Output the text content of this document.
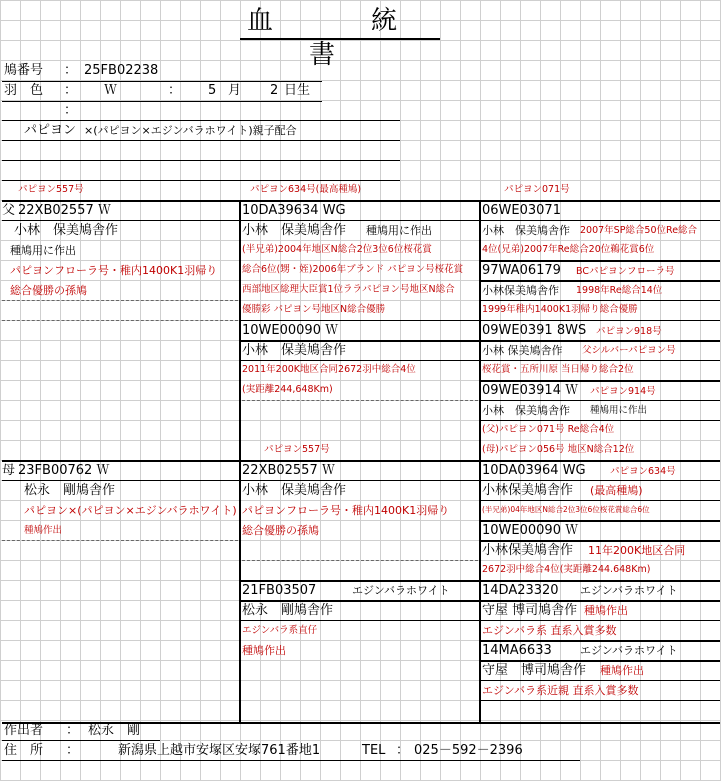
血　統　書
鳩番号 ： 25FB02238
羽　色 ： Ｗ	： 5 月 2 日生
：
パピヨン ×(パピヨン×エジンバラホワイト)親子配合
パピヨン557号
父 22XB02557 Ｗ
小林　保美鳩舎作
種鳩用に作出
パピヨンフローラ号・稚内1400K1羽帰り
総合優勝の孫鳩
母 23FB00762 Ｗ
松永　剛鳩舎作
パピヨン×(パピヨン×エジンバラホワイト)
種鳩作出
パピヨン634号(最高種鳩)
10DA39634 WG
小林　保美鳩舎作 種鳩用に作出
(半兄弟)2004年地区N総合2位3位6位桜花賞
総合6位(甥・姪)2006年ブランド パピヨン号桜花賞
西部地区総理大臣賞1位ララパピヨン号地区N総合
優勝彩 パピヨン号地区N総合優勝
10WE00090 Ｗ
小林　保美鳩舎作
2011年200K地区合同2672羽中総合4位
(実距離244,648Km)
パピヨン557号
22XB02557 Ｗ
小林　保美鳩舎作
パピヨンフローラ号・稚内1400K1羽帰り
総合優勝の孫鳩
21FB03507	エジンバラホワイト
松永　剛鳩舎作
エジンバラ系直仔
種鳩作出
パピヨン071号
06WE03071
小林　保美鳩舎作 2007年SP総合50位Re総合
4位(兄弟)2007年Re総合20位鵜花賞6位
97WA06179 BCパピヨンフローラ号
小林保美鳩舎作 1998年Re総合14位
1999年稚内1400K1羽帰り総合優勝
09WE0391 8WS パピヨン918号
小林 保美鳩舎作 父シルバーパピヨン号
桜花賞・五所川原 当日帰り総合2位
09WE03914 Ｗ パピヨン914号
小林　保美鳩舎作 種鳩用に作出
(父)パピヨン071号 Re総合4位
(母)パピヨン056号 地区N総合12位
10DA03964 WG	パピヨン634号
小林保美鳩舎作 (最高種鳩)
(半兄弟)04年地区N総合2位3位6位桜花賞総合6位
10WE00090 Ｗ
小林保美鳩舎作 11年200K地区合同
2672羽中総合4位(実距離244.648Km)
14DA23320 エジンバラホワイト
守屋 博司鳩舎作 種鳩作出
エジンバラ系 直系入賞多数
14MA6633	エジンバラホワイト
守屋　博司鳩舎作 種鳩作出
エジンバラ系近親 直系入賞多数
作出者 ： 松永　剛
住　所 ：	新潟県上越市安塚区安塚761番地1	TEL ： 025－592－2396
